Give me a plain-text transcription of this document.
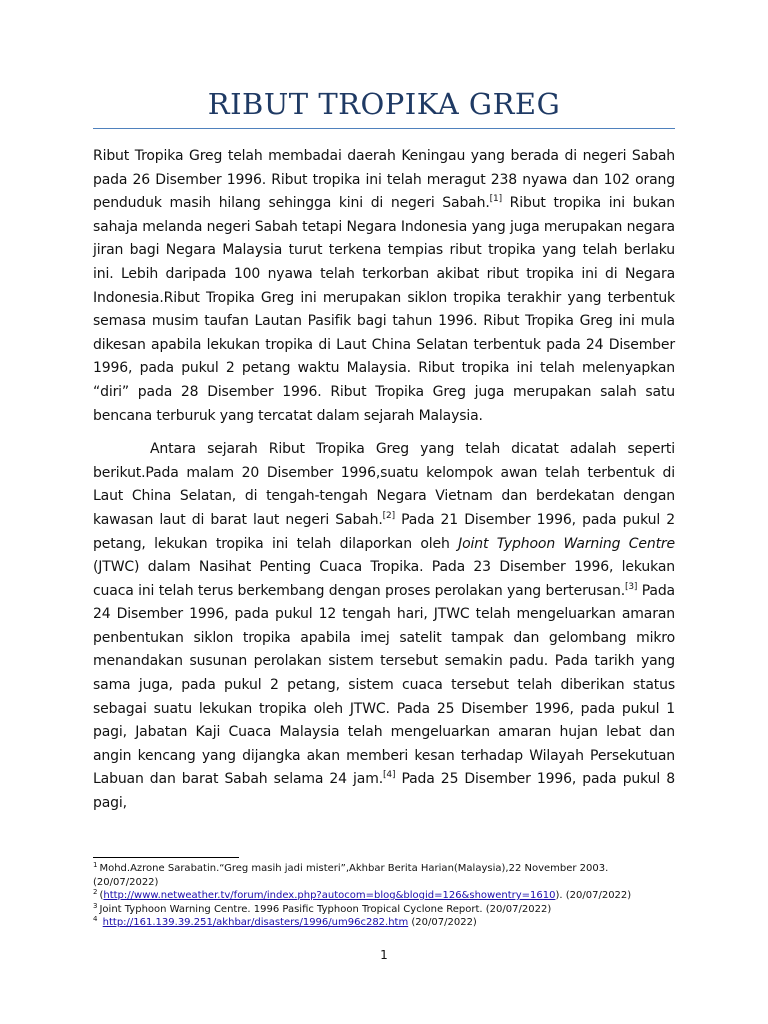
RIBUT TROPIKA GREG

Ribut Tropika Greg telah membadai daerah Keningau yang berada di negeri Sabah pada 26 Disember 1996. Ribut tropika ini telah meragut 238 nyawa dan 102 orang penduduk masih hilang sehingga kini di negeri Sabah.[1] Ribut tropika ini bukan sahaja melanda negeri Sabah tetapi Negara Indonesia yang juga merupakan negara jiran bagi Negara Malaysia turut terkena tempias ribut tropika yang telah berlaku ini. Lebih daripada 100 nyawa telah terkorban akibat ribut tropika ini di Negara Indonesia.Ribut Tropika Greg ini merupakan siklon tropika terakhir yang terbentuk semasa musim taufan Lautan Pasifik bagi tahun 1996. Ribut Tropika Greg ini mula dikesan apabila lekukan tropika di Laut China Selatan terbentuk pada 24 Disember 1996, pada pukul 2 petang waktu Malaysia. Ribut tropika ini telah melenyapkan “diri” pada 28 Disember 1996. Ribut Tropika Greg juga merupakan salah satu bencana terburuk yang tercatat dalam sejarah Malaysia.

Antara sejarah Ribut Tropika Greg yang telah dicatat adalah seperti berikut.Pada malam 20 Disember 1996,suatu kelompok awan telah terbentuk di Laut China Selatan, di tengah-tengah Negara Vietnam dan berdekatan dengan kawasan laut di barat laut negeri Sabah.[2] Pada 21 Disember 1996, pada pukul 2 petang, lekukan tropika ini telah dilaporkan oleh Joint Typhoon Warning Centre (JTWC) dalam Nasihat Penting Cuaca Tropika. Pada 23 Disember 1996, lekukan cuaca ini telah terus berkembang dengan proses perolakan yang berterusan.[3] Pada 24 Disember 1996, pada pukul 12 tengah hari, JTWC telah mengeluarkan amaran penbentukan siklon tropika apabila imej satelit tampak dan gelombang mikro menandakan susunan perolakan sistem tersebut semakin padu. Pada tarikh yang sama juga, pada pukul 2 petang, sistem cuaca tersebut telah diberikan status sebagai suatu lekukan tropika oleh JTWC. Pada 25 Disember 1996, pada pukul 1 pagi, Jabatan Kaji Cuaca Malaysia telah mengeluarkan amaran hujan lebat dan angin kencang yang dijangka akan memberi kesan terhadap Wilayah Persekutuan Labuan dan barat Sabah selama 24 jam.[4] Pada 25 Disember 1996, pada pukul 8 pagi,

$^1$ Mohd.Azrone Sarabatin.“Greg masih jadi misteri”,Akhbar Berita Harian(Malaysia),22 November 2003. (20/07/2022)

$^2$ (http://www.netweather.tv/forum/index.php?autocom=blog&blogid=126&showentry=1610). (20/07/2022)

$^3$ Joint Typhoon Warning Centre. 1996 Pasific Typhoon Tropical Cyclone Report. (20/07/2022)

$^4$ http://161.139.39.251/akhbar/disasters/1996/um96c282.htm (20/07/2022)

1
